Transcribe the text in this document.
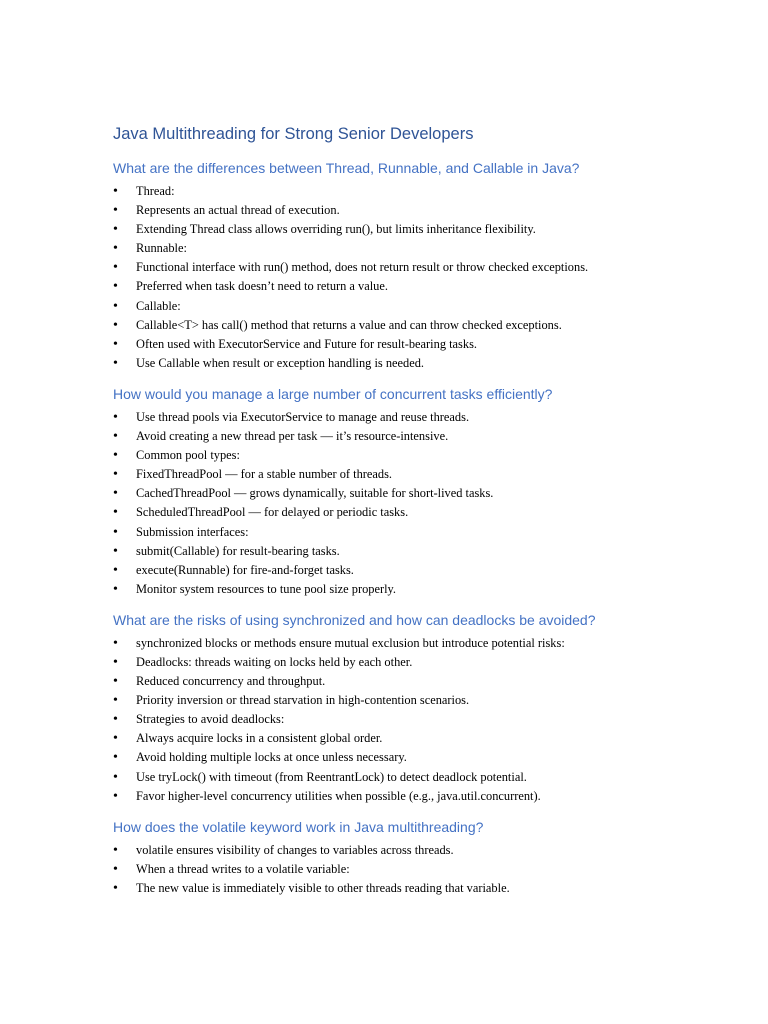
Java Multithreading for Strong Senior Developers
What are the differences between Thread, Runnable, and Callable in Java?
• Thread:
• Represents an actual thread of execution.
• Extending Thread class allows overriding run(), but limits inheritance flexibility.
• Runnable:
• Functional interface with run() method, does not return result or throw checked exceptions.
• Preferred when task doesn’t need to return a value.
• Callable:
• Callable<T> has call() method that returns a value and can throw checked exceptions.
• Often used with ExecutorService and Future for result-bearing tasks.
• Use Callable when result or exception handling is needed.
How would you manage a large number of concurrent tasks efficiently?
• Use thread pools via ExecutorService to manage and reuse threads.
• Avoid creating a new thread per task — it’s resource-intensive.
• Common pool types:
• FixedThreadPool — for a stable number of threads.
• CachedThreadPool — grows dynamically, suitable for short-lived tasks.
• ScheduledThreadPool — for delayed or periodic tasks.
• Submission interfaces:
• submit(Callable) for result-bearing tasks.
• execute(Runnable) for fire-and-forget tasks.
• Monitor system resources to tune pool size properly.
What are the risks of using synchronized and how can deadlocks be avoided?
• synchronized blocks or methods ensure mutual exclusion but introduce potential risks:
• Deadlocks: threads waiting on locks held by each other.
• Reduced concurrency and throughput.
• Priority inversion or thread starvation in high-contention scenarios.
• Strategies to avoid deadlocks:
• Always acquire locks in a consistent global order.
• Avoid holding multiple locks at once unless necessary.
• Use tryLock() with timeout (from ReentrantLock) to detect deadlock potential.
• Favor higher-level concurrency utilities when possible (e.g., java.util.concurrent).
How does the volatile keyword work in Java multithreading?
• volatile ensures visibility of changes to variables across threads.
• When a thread writes to a volatile variable:
• The new value is immediately visible to other threads reading that variable.
